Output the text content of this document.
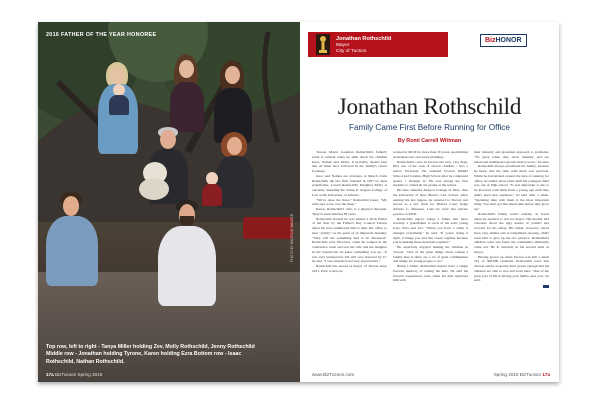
2016 FATHER OF THE YEAR HONOREE
Top row, left to right - Tanya Miller holding Zev, Molly Rothschild, Jenny Rothschild Middle row - Jonathan holding Tyrone, Karen holding Ezra Bottom row - Isaac Rothschild, Nathan Rothschild.
PHOTO BY BALFOUR WALKER
17a BizTucson Spring 2016
Jonathan Rothschild
Mayor
City of Tucson
BizHONOR
Jonathan Rothschild
Family Came First Before Running for Office
By Romi Carrell Wittman

Tucson Mayor Jonathan Rothschild's fatherly pride is evident when he talks about his children Isaac, Nathan and Molly. It probably doesn't hurt that all three have followed in the family's career footsteps.

Isaac and Nathan are attorneys at Mesch Clark Rothschild, the law firm founded in 1957 by their grandfather, Lowell Rothschild. Daughter Molly is currently attending the James E. Rogers College of Law at the University of Arizona.

"We've done the three," Rothschild joked. "My wife says we're over the three."

Karen, Rothschild's wife, is a physical therapist. They've been married 38 years.

Rothschild learned he was named a 2016 Father of the Year by the Father's Day Council Tucson when his sons summoned him to their law office to hear "jointly" on the point of an important meeting. "They told me something had to be discussed," Rothschild said. However, when he walked in the conference room and saw his wife and his daughter in the boardroom, he knew something was up. "It was very unexpected. I'm still very honored by it," he said. "I was surprised and very appreciative."

Rothschild has served as mayor of Tucson since 2011. Prior to that, he

worked at MCR for more than 30 years, specializing in business law and estate planning.

Rothschild's roots in Tucson run very, very deep. He's one of the sons of eleven children – he's a native Tucsonan. He attended Doolen Middle School and Catalina High School after he completed grades 7 through 12. He was among the first students to attend all six grades at the school.

He later attended Kenyon College in Ohio, then the University of New Mexico Law School. After earning his law degree, he returned to Tucson and served as a law clerk for District Court Judge Alfredo C. Marquez. Later he went into private practice at MCR.

Rothschild enjoys being a father and more recently, a grandfather to each of his son's young boys, Ezra and Zev. "When you have a child, it changes everything," he said. "If you're doing it right, it brings you and that closer together because you're making these decisions together."

He especially enjoyed making his children in Tucson. "One of the great things about raising a family here is there are a lot of great communities and things for young people to do."

Being a father, Rothschild doesn't have a single favorite memory of raising his kids. He said his favorite experiences were when his kids surprised him with

their maturity and grounded approach to problems. "It's great when they show maturity and are emotional intelligence greater than you are," he said.

Rothschild always prioritized his family, because he knew that his time with them was precious. While he had kicked around the idea of running for office, he added, those plans until his youngest child was out of high school. "It was important to me to be involved with them from a young age until they didn't need that anymore," he said with a smile. "Spending time with them is the most important thing. You don't get that much time before they grow up."

Rothschild's family wasn't entirely on board when he decided to run for mayor. His mother had concerns about the ugly nature of politics and worried for his safety. His father, however, who'd been very skilled and accomplished attorney, didn't want him to give up his law practice. Rothschild's children were and faster the community ultimately came out. He is currently in his second term as mayor.

Having grown up when Tucson was still a small city of 300,000 residents, Rothschild loves that Tucson and its economy have grown enough that his children are able to live and work here. "One of the great joys of life is having your family near you," he said.

www.BizTucson.com	Spring 2016 BizTucson 17a
